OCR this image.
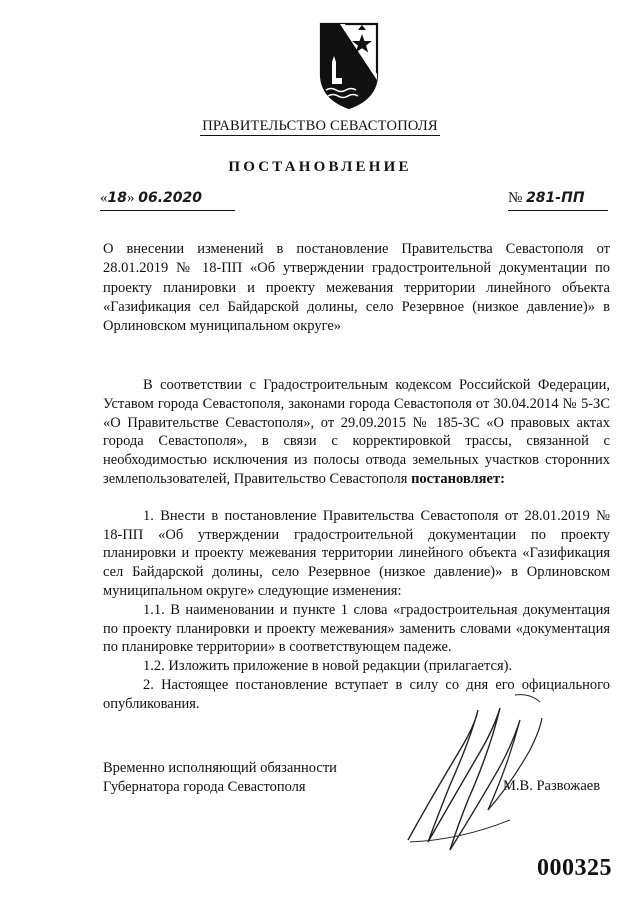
ПРАВИТЕЛЬСТВО СЕВАСТОПОЛЯ
ПОСТАНОВЛЕНИЕ
«18» 06.2020	№ 281-ПП
О внесении изменений в постановление Правительства Севастополя от 28.01.2019 № 18-ПП «Об утверждении градостроительной документации по проекту планировки и проекту межевания территории линейного объекта «Газификация сел Байдарской долины, село Резервное (низкое давление)» в Орлиновском муниципальном округе»

В соответствии с Градостроительным кодексом Российской Федерации, Уставом города Севастополя, законами города Севастополя от 30.04.2014 № 5-ЗС «О Правительстве Севастополя», от 29.09.2015 № 185-ЗС «О правовых актах города Севастополя», в связи с корректировкой трассы, связанной с необходимостью исключения из полосы отвода земельных участков сторонних землепользователей, Правительство Севастополя постановляет:

1. Внести в постановление Правительства Севастополя от 28.01.2019 № 18-ПП «Об утверждении градостроительной документации по проекту планировки и проекту межевания территории линейного объекта «Газификация сел Байдарской долины, село Резервное (низкое давление)» в Орлиновском муниципальном округе» следующие изменения:

1.1. В наименовании и пункте 1 слова «градостроительная документация по проекту планировки и проекту межевания» заменить словами «документация по планировке территории» в соответствующем падеже.

1.2. Изложить приложение в новой редакции (прилагается).

2. Настоящее постановление вступает в силу со дня его официального опубликования.

Временно исполняющий обязанности
Губернатора города Севастополя	М.В. Развожаев
000325
